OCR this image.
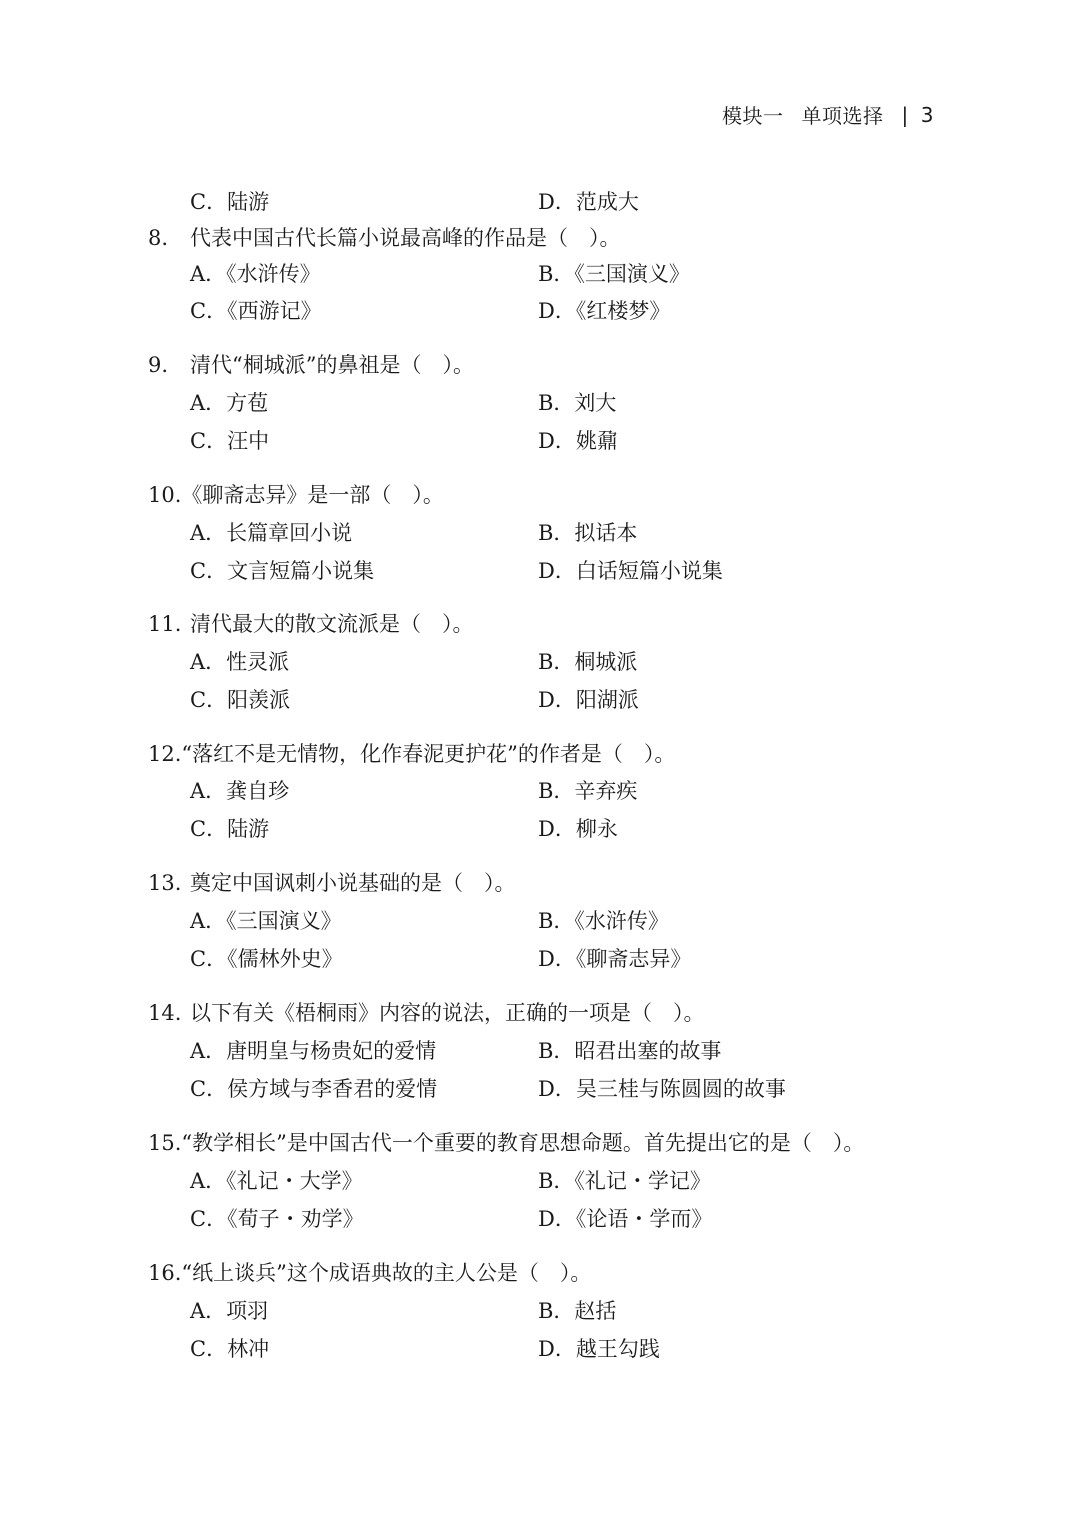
模块一 单项选择 | 3
C．陆游	D．范成大
8. 代表中国古代长篇小说最高峰的作品是（　）。
A．《水浒传》	B．《三国演义》
C．《西游记》	D．《红楼梦》
9. 清代“桐城派”的鼻祖是（　）。
A．方苞	B．刘大
C．汪中	D．姚鼐
10.《聊斋志异》是一部（　）。
A．长篇章回小说	B．拟话本
C．文言短篇小说集	D．白话短篇小说集
11. 清代最大的散文流派是（　）。
A．性灵派	B．桐城派
C．阳羡派	D．阳湖派
12.“落红不是无情物，化作春泥更护花”的作者是（　）。
A．龚自珍	B．辛弃疾
C．陆游	D．柳永
13. 奠定中国讽刺小说基础的是（　）。
A．《三国演义》	B．《水浒传》
C．《儒林外史》	D．《聊斋志异》
14. 以下有关《梧桐雨》内容的说法，正确的一项是（　）。
A．唐明皇与杨贵妃的爱情	B．昭君出塞的故事
C．侯方域与李香君的爱情	D．吴三桂与陈圆圆的故事
15.“教学相长”是中国古代一个重要的教育思想命题。首先提出它的是（　）。
A．《礼记・大学》	B．《礼记・学记》
C．《荀子・劝学》	D．《论语・学而》
16.“纸上谈兵”这个成语典故的主人公是（　）。
A．项羽	B．赵括
C．林冲	D．越王勾践
